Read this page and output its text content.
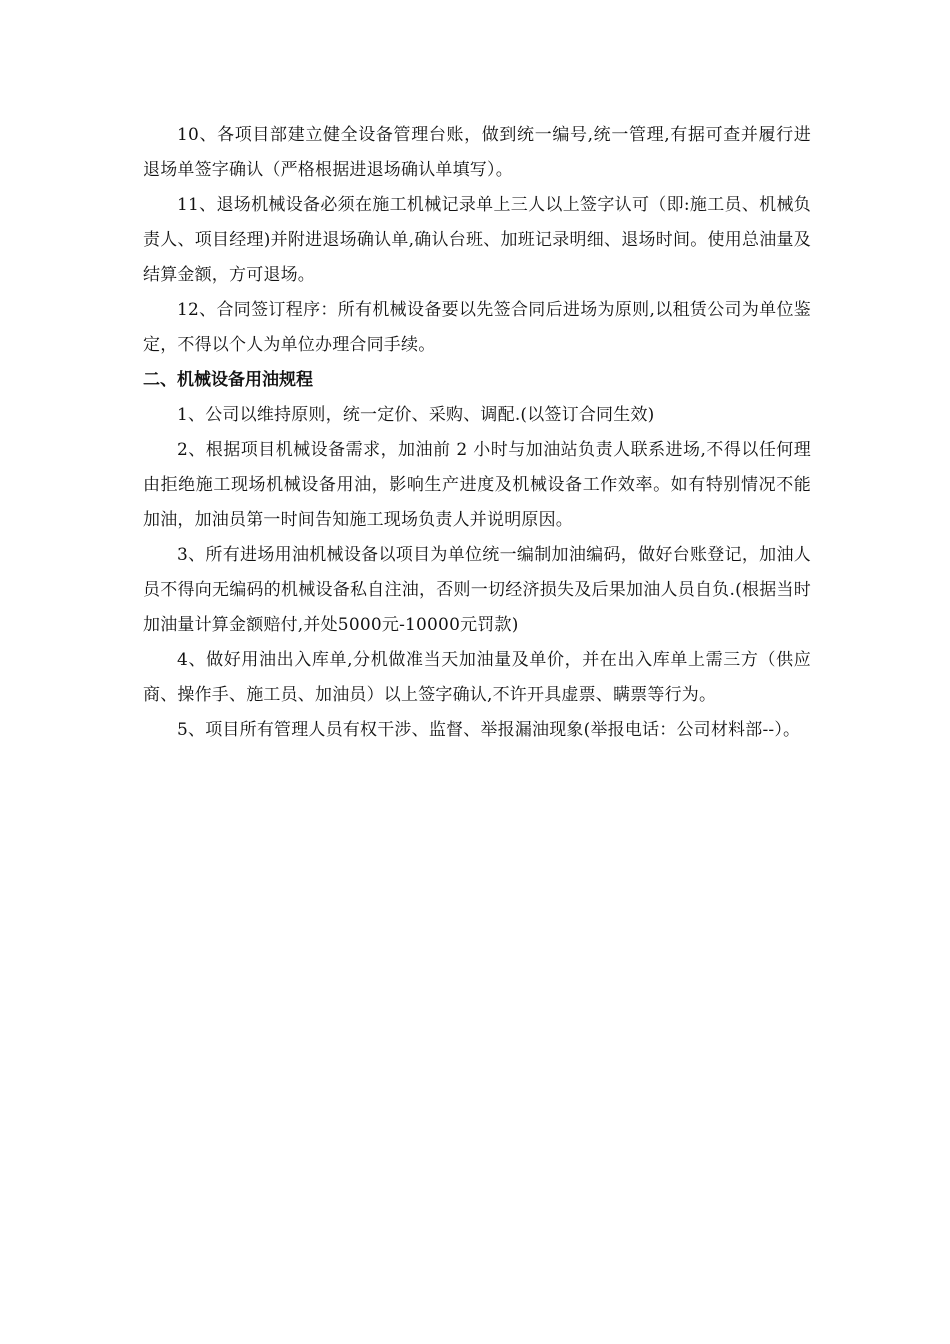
10、各项目部建立健全设备管理台账，做到统一编号,统一管理,有据可查并履行进退场单签字确认（严格根据进退场确认单填写）。

11、退场机械设备必须在施工机械记录单上三人以上签字认可（即:施工员、机械负责人、项目经理)并附进退场确认单,确认台班、加班记录明细、退场时间。使用总油量及结算金额，方可退场。

12、合同签订程序：所有机械设备要以先签合同后进场为原则,以租赁公司为单位鉴定，不得以个人为单位办理合同手续。

二、机械设备用油规程

1、公司以维持原则，统一定价、采购、调配.(以签订合同生效)

2、根据项目机械设备需求，加油前 2 小时与加油站负责人联系进场,不得以任何理由拒绝施工现场机械设备用油，影响生产进度及机械设备工作效率。如有特别情况不能加油，加油员第一时间告知施工现场负责人并说明原因。

3、所有进场用油机械设备以项目为单位统一编制加油编码，做好台账登记，加油人员不得向无编码的机械设备私自注油，否则一切经济损失及后果加油人员自负.(根据当时加油量计算金额赔付,并处5000元-10000元罚款)

4、做好用油出入库单,分机做准当天加油量及单价，并在出入库单上需三方（供应商、操作手、施工员、加油员）以上签字确认,不许开具虚票、瞒票等行为。

5、项目所有管理人员有权干涉、监督、举报漏油现象(举报电话：公司材料部--）。
